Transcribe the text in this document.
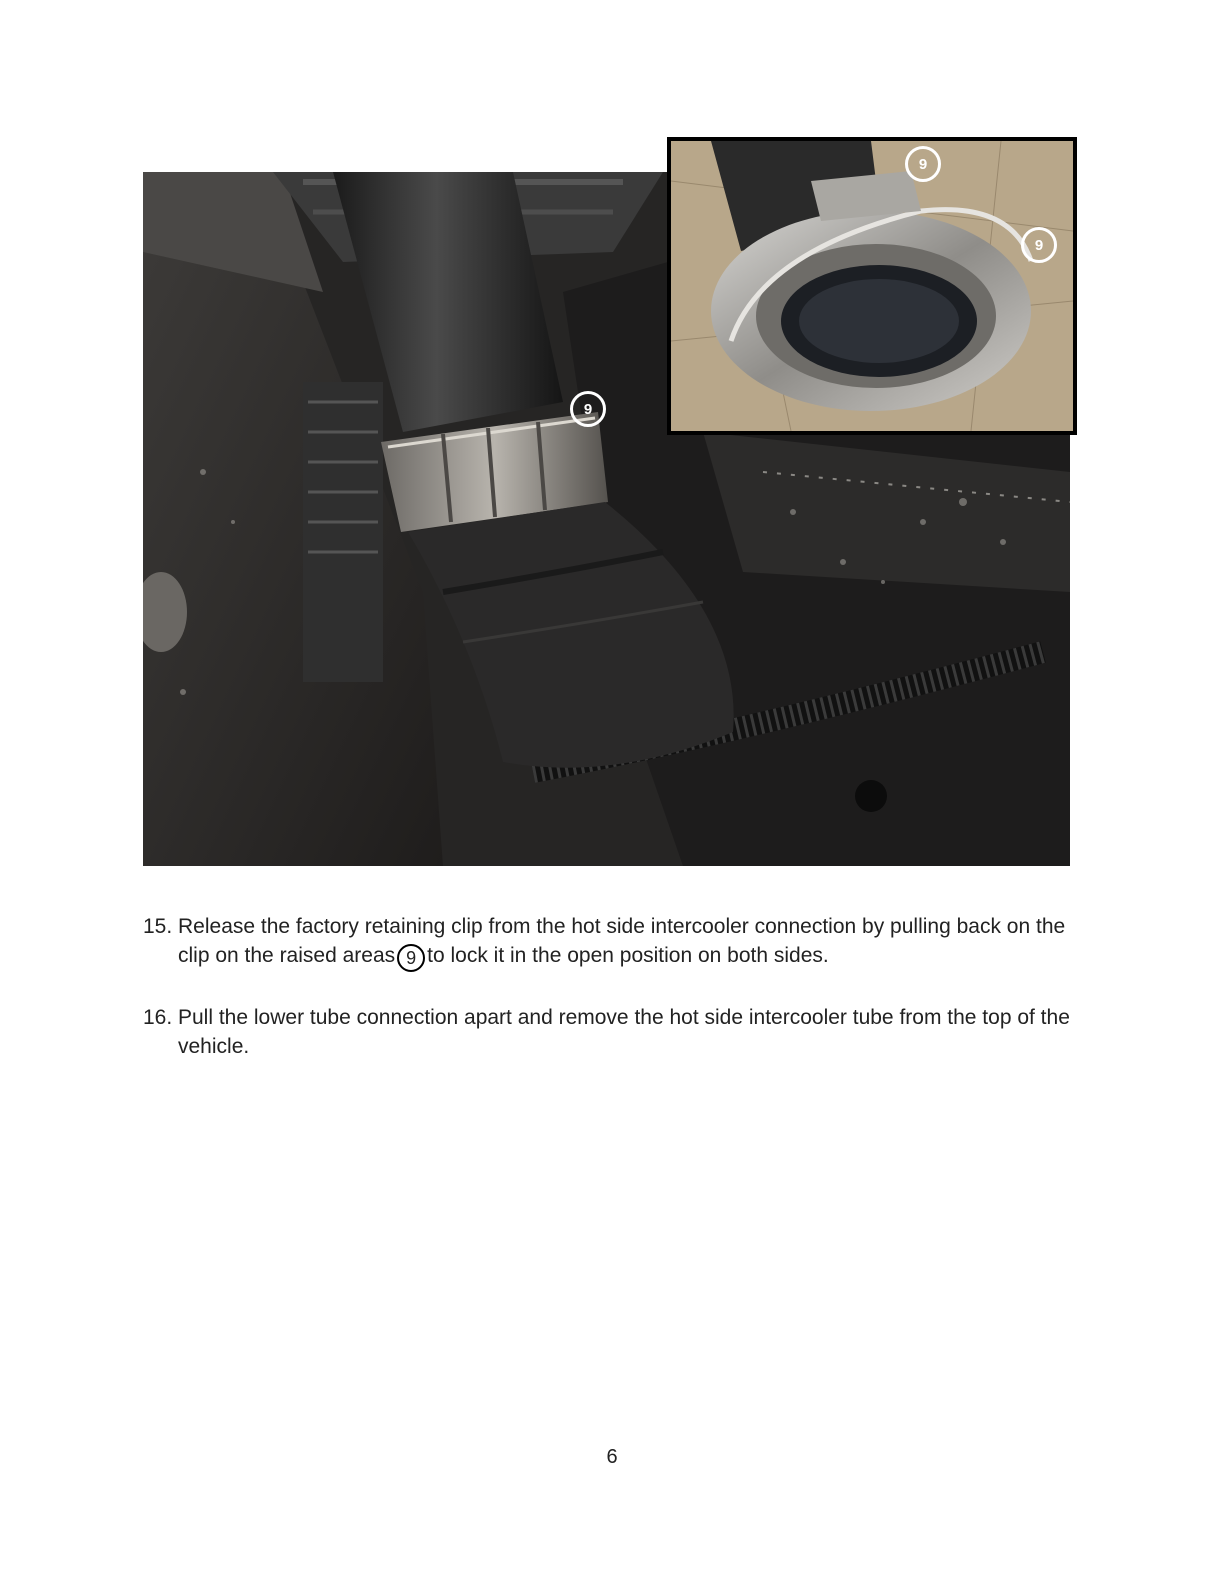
9
9
9
15. Release the factory retaining clip from the hot side intercooler connection by pulling back on the clip on the raised areas 9 to lock it in the open position on both sides.
16. Pull the lower tube connection apart and remove the hot side intercooler tube from the top of the vehicle.
6
